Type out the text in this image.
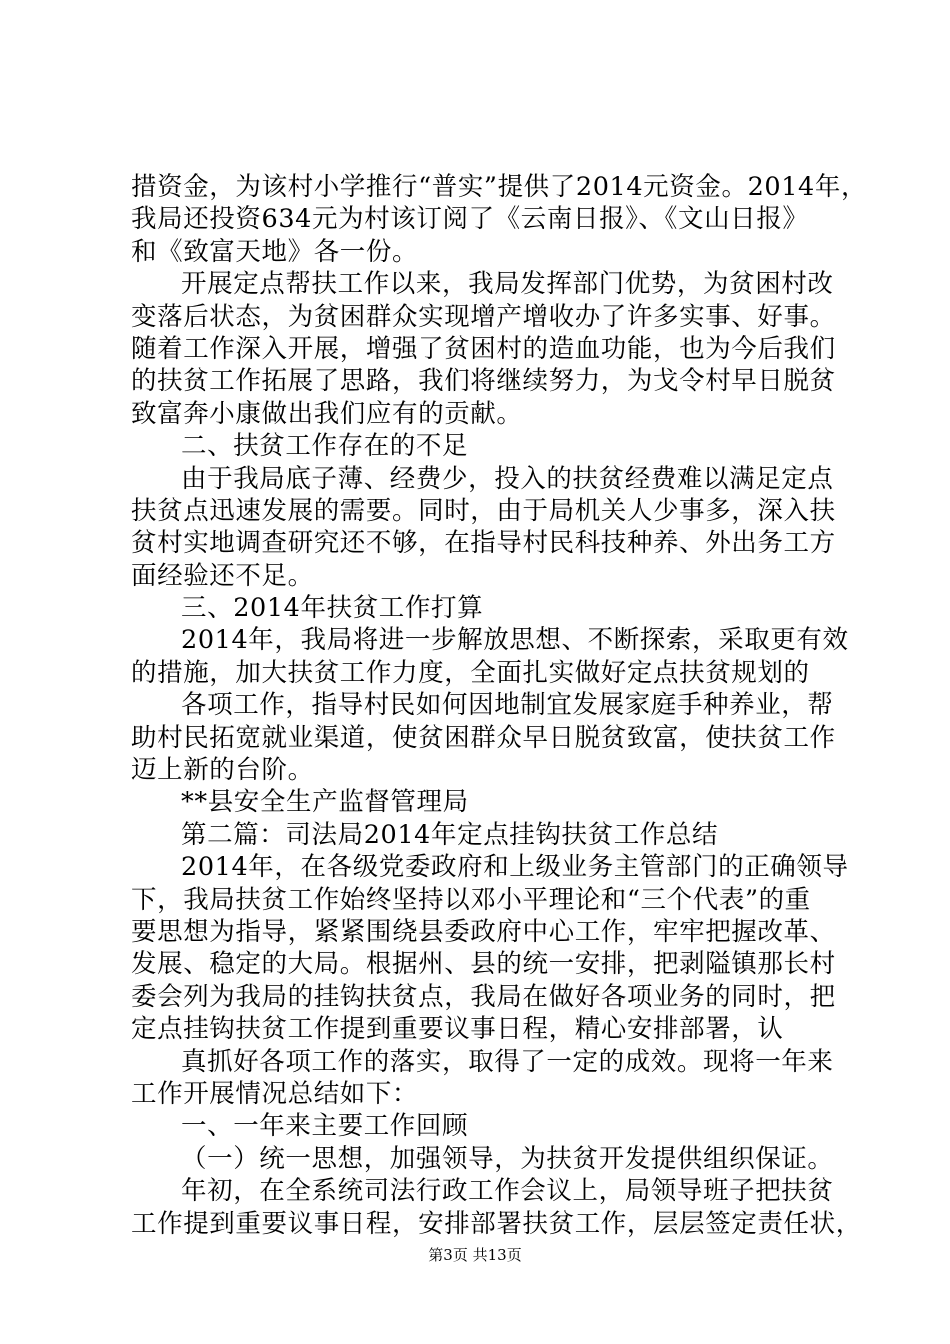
措资金，为该村小学推行“普实”提供了2014元资金。2014年，
我局还投资634元为村该订阅了《云南日报》、《文山日报》
和《致富天地》各一份。
开展定点帮扶工作以来，我局发挥部门优势，为贫困村改
变落后状态，为贫困群众实现增产增收办了许多实事、好事。
随着工作深入开展，增强了贫困村的造血功能，也为今后我们
的扶贫工作拓展了思路，我们将继续努力，为戈令村早日脱贫
致富奔小康做出我们应有的贡献。
二、扶贫工作存在的不足
由于我局底子薄、经费少，投入的扶贫经费难以满足定点
扶贫点迅速发展的需要。同时，由于局机关人少事多，深入扶
贫村实地调查研究还不够，在指导村民科技种养、外出务工方
面经验还不足。
三、2014年扶贫工作打算
2014年，我局将进一步解放思想、不断探索，采取更有效
的措施，加大扶贫工作力度，全面扎实做好定点扶贫规划的
各项工作，指导村民如何因地制宜发展家庭手种养业，帮
助村民拓宽就业渠道，使贫困群众早日脱贫致富，使扶贫工作
迈上新的台阶。
**县安全生产监督管理局
第二篇：司法局2014年定点挂钩扶贫工作总结
2014年，在各级党委政府和上级业务主管部门的正确领导
下，我局扶贫工作始终坚持以邓小平理论和“三个代表”的重
要思想为指导，紧紧围绕县委政府中心工作，牢牢把握改革、
发展、稳定的大局。根据州、县的统一安排，把剥隘镇那长村
委会列为我局的挂钩扶贫点，我局在做好各项业务的同时，把
定点挂钩扶贫工作提到重要议事日程，精心安排部署，认
真抓好各项工作的落实，取得了一定的成效。现将一年来
工作开展情况总结如下：
一、一年来主要工作回顾
（一）统一思想，加强领导，为扶贫开发提供组织保证。
年初，在全系统司法行政工作会议上，局领导班子把扶贫
工作提到重要议事日程，安排部署扶贫工作，层层签定责任状，
第3页 共13页
